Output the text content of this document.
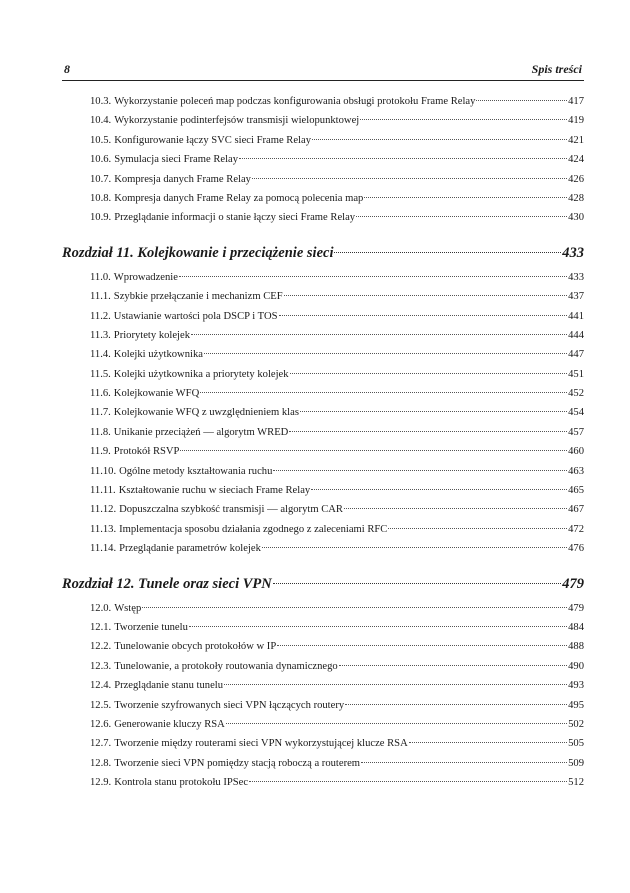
8	Spis treści
10.3. Wykorzystanie poleceń map podczas konfigurowania obsługi protokołu Frame Relay	417
10.4. Wykorzystanie podinterfejsów transmisji wielopunktowej	419
10.5. Konfigurowanie łączy SVC sieci Frame Relay	421
10.6. Symulacja sieci Frame Relay	424
10.7. Kompresja danych Frame Relay	426
10.8. Kompresja danych Frame Relay za pomocą polecenia map	428
10.9. Przeglądanie informacji o stanie łączy sieci Frame Relay	430
Rozdział 11. Kolejkowanie i przeciążenie sieci	433
11.0. Wprowadzenie	433
11.1. Szybkie przełączanie i mechanizm CEF	437
11.2. Ustawianie wartości pola DSCP i TOS	441
11.3. Priorytety kolejek	444
11.4. Kolejki użytkownika	447
11.5. Kolejki użytkownika a priorytety kolejek	451
11.6. Kolejkowanie WFQ	452
11.7. Kolejkowanie WFQ z uwzględnieniem klas	454
11.8. Unikanie przeciążeń — algorytm WRED	457
11.9. Protokół RSVP	460
11.10. Ogólne metody kształtowania ruchu	463
11.11. Kształtowanie ruchu w sieciach Frame Relay	465
11.12. Dopuszczalna szybkość transmisji — algorytm CAR	467
11.13. Implementacja sposobu działania zgodnego z zaleceniami RFC	472
11.14. Przeglądanie parametrów kolejek	476
Rozdział 12. Tunele oraz sieci VPN	479
12.0. Wstęp	479
12.1. Tworzenie tunelu	484
12.2. Tunelowanie obcych protokołów w IP	488
12.3. Tunelowanie, a protokoły routowania dynamicznego	490
12.4. Przeglądanie stanu tunelu	493
12.5. Tworzenie szyfrowanych sieci VPN łączących routery	495
12.6. Generowanie kluczy RSA	502
12.7. Tworzenie między routerami sieci VPN wykorzystującej klucze RSA	505
12.8. Tworzenie sieci VPN pomiędzy stacją roboczą a routerem	509
12.9. Kontrola stanu protokołu IPSec	512
